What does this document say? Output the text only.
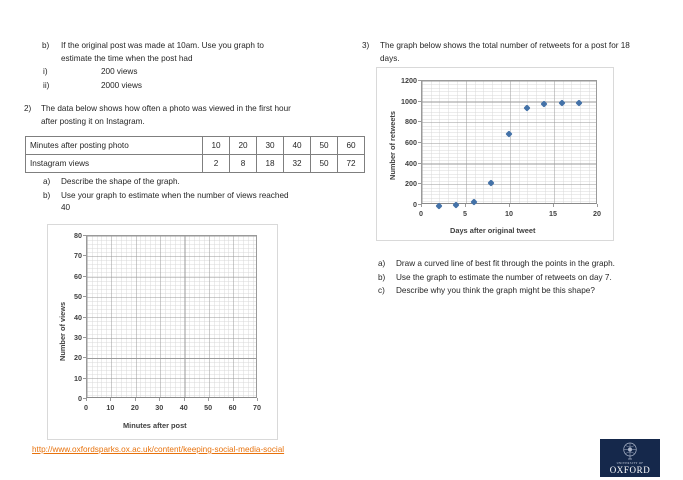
b) If the original post was made at 10am. Use you graph to estimate the time when the post had
i)	200 views
ii)	2000 views
2) The data below shows how often a photo was viewed in the first hour after posting it on Instagram.
Minutes after posting photo	10	20	30	40	50	60
Instagram views	2	8	18	32	50	72
a) Describe the shape of the graph.
b) Use your graph to estimate when the number of views reached 40
Number of views
Minutes after post
0
10
20
30
40
50
60
70
80
0	10	20	30	40	50	60	70
3) The graph below shows the total number of retweets for a post for 18 days.
Number of retweets
Days after original tweet
0
200
400
600
800
1000
1200
0	5	10	15	20
a) Draw a curved line of best fit through the points in the graph.
b) Use the graph to estimate the number of retweets on day 7.
c) Describe why you think the graph might be this shape?
http://www.oxfordsparks.ox.ac.uk/content/keeping-social-media-social
UNIVERSITY OF
OXFORD
